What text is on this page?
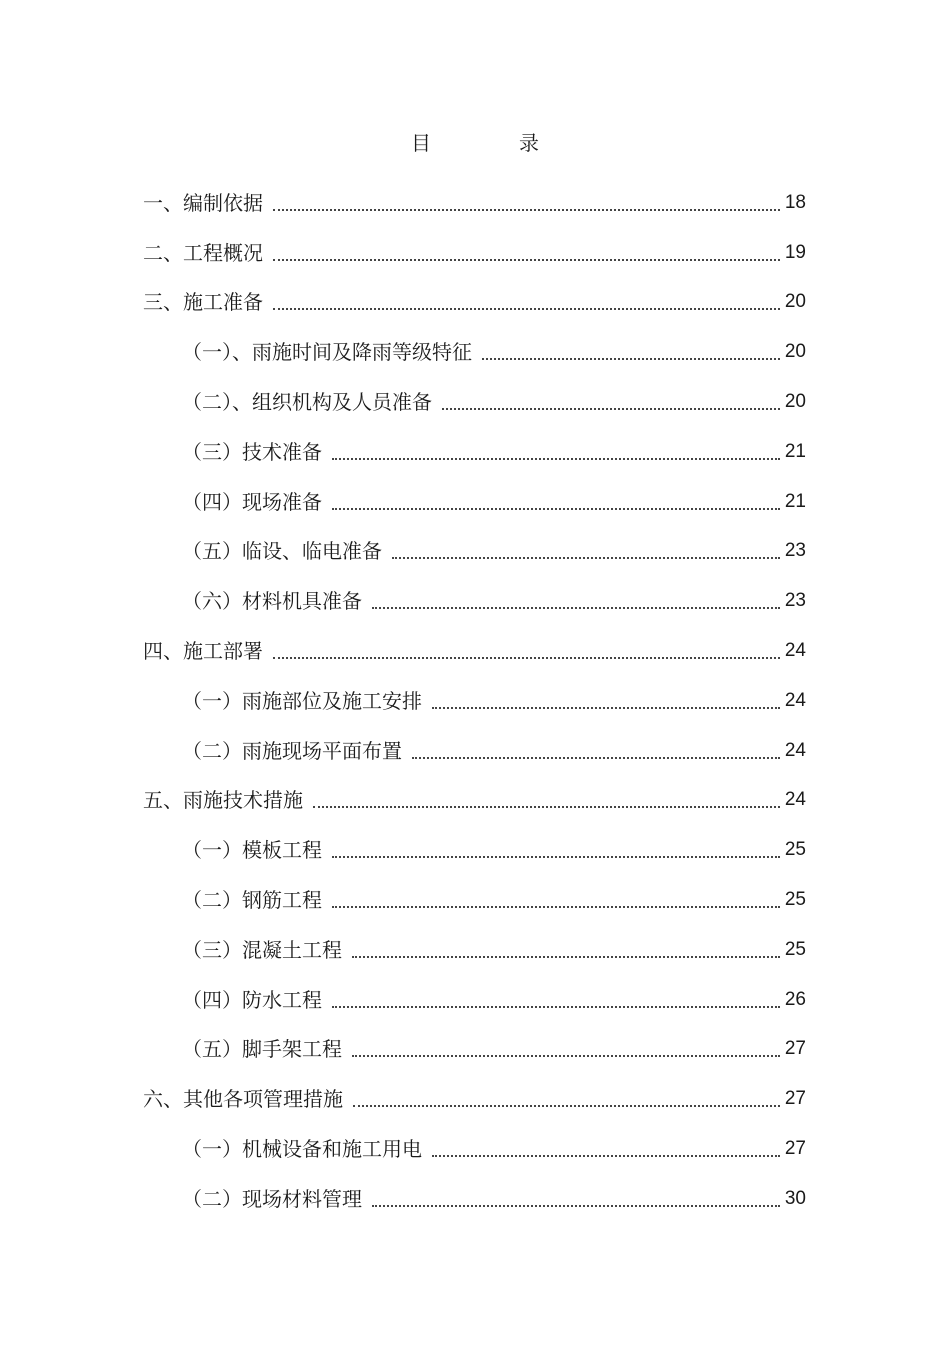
目	录
一、编制依据	18
二、工程概况	19
三、施工准备	20
（一）、雨施时间及降雨等级特征	20
（二）、组织机构及人员准备	20
（三）技术准备	21
（四）现场准备	21
（五）临设、临电准备	23
（六）材料机具准备	23
四、施工部署	24
（一）雨施部位及施工安排	24
（二）雨施现场平面布置	24
五、雨施技术措施	24
（一）模板工程	25
（二）钢筋工程	25
（三）混凝土工程	25
（四）防水工程	26
（五）脚手架工程	27
六、其他各项管理措施	27
（一）机械设备和施工用电	27
（二）现场材料管理	30
